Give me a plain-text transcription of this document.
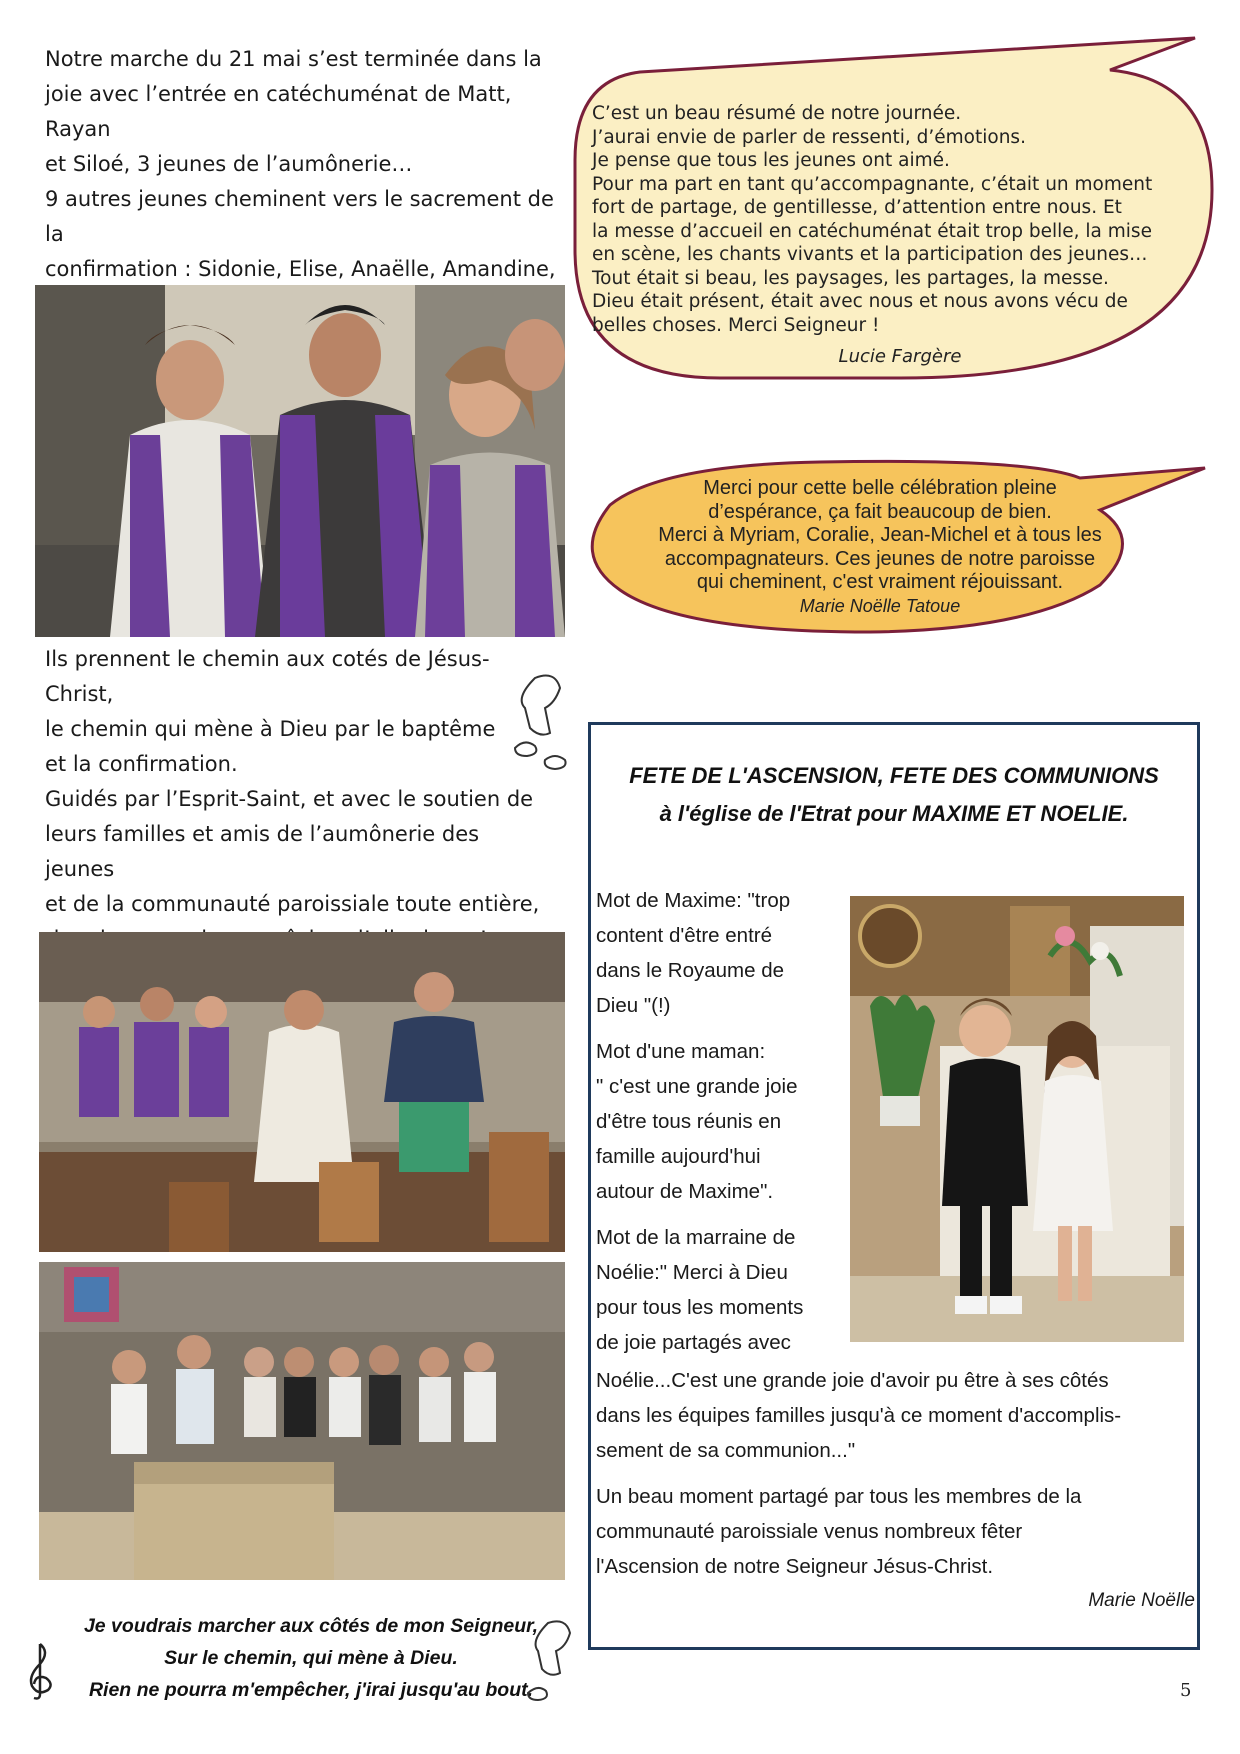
Notre marche du 21 mai s’est terminée dans la
joie avec l’entrée en catéchuménat de Matt, Rayan
et Siloé, 3 jeunes de l’aumônerie…
9 autres jeunes cheminent vers le sacrement de la
confirmation : Sidonie, Elise, Anaëlle, Amandine,
Ils prennent le chemin aux cotés de Jésus-Christ,
le chemin qui mène à Dieu par le baptême
et la confirmation.
Guidés par l’Esprit-Saint, et avec le soutien de
leurs familles et amis de l’aumônerie des jeunes
et de la communauté paroissiale toute entière,

Je voudrais marcher aux côtés de mon Seigneur,

Sur le chemin, qui mène à Dieu.

Rien ne pourra m'empêcher, j'irai jusqu'au bout.

C’est un beau résumé de notre journée.

J’aurai envie de parler de ressenti, d’émotions.

Je pense que tous les jeunes ont aimé.

Pour ma part en tant qu’accompagnante, c’était un moment

fort de partage, de gentillesse, d’attention entre nous. Et

la messe d’accueil en catéchuménat était trop belle, la mise

en scène, les chants vivants et la participation des jeunes…

Tout était si beau, les paysages, les partages, la messe.

Dieu était présent, était avec nous et nous avons vécu de

belles choses. Merci Seigneur !

Lucie Fargère

Merci pour cette belle célébration pleine

d’espérance, ça fait beaucoup de bien.

Merci à Myriam, Coralie, Jean-Michel et à tous les

accompagnateurs. Ces jeunes de notre paroisse

qui cheminent, c'est vraiment réjouissant.

Marie Noëlle Tatoue

FETE DE L'ASCENSION, FETE DES COMMUNIONS
à l'église de l'Etrat pour MAXIME ET NOELIE.
Mot de Maxime: "trop
content d'être entré
dans le Royaume de
Dieu "(!)
Mot d'une maman:
" c'est une grande joie
d'être tous réunis en
famille aujourd'hui
autour de Maxime".
Mot de la marraine de
Noélie:" Merci à Dieu
pour tous les moments
de joie partagés avec
Noélie...C'est une grande joie d'avoir pu être à ses côtés
dans les équipes familles jusqu'à ce moment d'accomplis-
sement de sa communion..."
Un beau moment partagé par tous les membres de la
communauté paroissiale venus nombreux fêter
l'Ascension de notre Seigneur Jésus-Christ.
Marie Noëlle
5
